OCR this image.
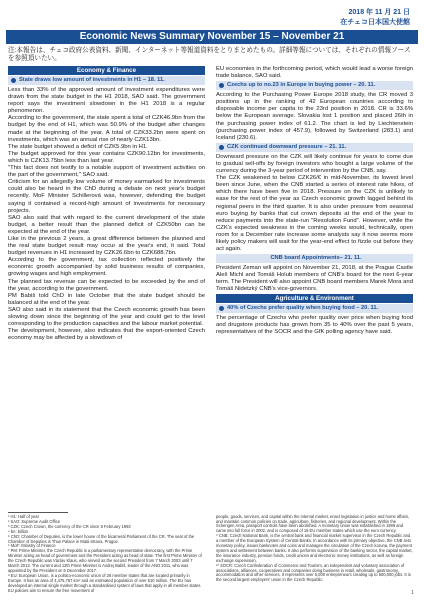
2018 年 11 月 21 日
在チェコ日本国大使館
Economic News Summary November 15 – November 21
注:本報告は、チェコ政府公表資料、新聞、インターネット等報道資料をとりまとめたもの。詳細等報については、それぞれの情報ソースを参照頂いたい。
Economy & Finance
State draws low amount of investments in H1 – 18. 11.

Less than 33% of the approved amount of investment expenditures were drawn from the state budget in the H1 2018, SAO said. The government report says the investment slowdown in the H1 2018 is a regular phenomenon.

According to the government, the state spent a total of CZK46.9bn from the budget by the end of H1, which was 50.9% of the budget after changes made at the beginning of the year. A total of CZK33.2bn were spent on investments, which was an annual rise of nearly CZK13bn.

The state budget showed a deficit of CZK5.9bn in H1.

The budget approved for this year contains CZK90.12bn for investments, which is CZK13.75bn less than last year.

"This fact does not testify to a notable support of investment activities on the part of the government," SAO said.

Criticism for an allegedly low volume of money earmarked for investments could also be heard in the ChD during a debate on next year's budget recently. MoF Minister Schillerová was, however, defending the budget saying it contained a record-high amount of investments for necessary projects.

SAO also said that with regard to the current development of the state budget, a better result than the planned deficit of CZK50bn can be expected at the end of the year.

Like in the previous 2 years, a great difference between the planned and the real state budget result may occur at the year's end, it said. Total budget revenues in H1 increased by CZK26.6bn to CZK688.7bn.

According to the government, tax collection reflected positively the economic growth accompanied by solid business results of companies, growing wages and high employment.

The planned tax revenue can be expected to be exceeded by the end of the year, according to the government.

PM Babiš told ChD in late October that the state budget should be balanced at the end of the year.

SAO also said in its statement that the Czech economic growth has been slowing down since the beginning of the year and could get to the level corresponding to the production capacities and the labour market potential.

The development, however, also indicates that the export-oriented Czech economy may be affected by a slowdown of

EU economies in the forthcoming period, which would lead a worse foreign trade balance, SAO said.

Czechs up to no.23 in Europe in buying power – 20. 11.

According to the Purchasing Power Europe 2018 study, the CR moved 3 positions up in the ranking of 42 European countries according to disposable income per capita to the 23rd position in 2018. CR is 33.6% below the European average. Slovakia lost 1 position and placed 26th in the purchasing power index of 61.2. The chart is led by Liechtenstein (purchasing power index of 457.9), followed by Switzerland (283.1) and Iceland (230.6).

CZK continued downward pressure – 21. 11.

Downward pressure on the CZK will likely continue for years to come due to gradual sell-offs by foreign investors who bought a large volume of the currency during the 3-year period of intervention by the CNB, say.

The CZK weakened to below CZK26/€ in mid-November, its lowest level been since June, when the CNB started a series of interest rate hikes, of which there have been five in 2018. Pressure on the CZK is unlikely to ease for the rest of the year as Czech economic growth lagged behind its regional peers in the third quarter. It is also under pressure from seasonal euro buying by banks that cut crown deposits at the end of the year to reduce payments into the state-run "Resolution Fund". However, while the CZK's expected weakness in the coming weeks would, technically, open room for a December rate increase some analysts say it now seems more likely policy makers will wait for the year-end effect to fizzle out before they act again.

CNB board Appointments– 21. 11.

President Zeman will appoint on November 21, 2018, at the Prague Castle Aleš Michl and Tomáš Holub members of CNB's board for the next 6-year term. The President will also appoint CNB board members Marek Mora and Tomáš Nidetzký CNB's vice-governors.

Agriculture & Environment
40% of Czechs prefer quality when buying food – 20. 11.

The percentage of Czechs who prefer quality over price when buying food and drugstore products has grown from 35 to 40% over the past 5 years, representatives of the SOCR and the GfK polling agency have said.

¹ H1: Half of year
² SAO: Supreme Audit Office
³ CZK: Czech Crown, the currency of the CR since 8 February 1993
⁴ bn: billion
⁵ ChD: Chamber of Deputies, is the lower house of the bicameral Parliament of the CR. The seat of the Chamber of Deputies is Thun Palace in Malá Strana, Prague.
⁶ MoF: Ministry of Finance
⁷ PM: Prime Minister, the Czech Republic is a parliamentary representative democracy, with the Prime Minister acting as head of government and the President acting as head of state. The first Prime Minister of the Czech Republic was Václav Klaus, who served as the second President from 7 March 2003 until 7 March 2013. The current and 12th Prime Minister is Andrej Babiš, leader of the ANO 2011, who was appointed by the President on 6 December 2017.
⁸ EU: European Union, is a politico-economic union of 28 member states that are located primarily in Europe. It has an area of 4,475,757 km² and an estimated population of over 510 million. The EU has developed an internal single market through a standardised system of laws that apply in all member states. EU policies aim to ensure the free movement of
people, goods, services, and capital within the internal market, enact legislation in justice and home affairs, and maintain common policies on trade, agriculture, fisheries, and regional development. Within the Schengen Area, passport controls have been abolished. A monetary union was established in 1999 and came into full force in 2002, and is composed of 19 EU member states which use the euro currency.
⁹ CNB: Czech National Bank, is the central bank and financial market supervisor in the Czech Republic and a member of the European System of Central Banks. In accordance with its primary objective, the CNB sets monetary policy, issues banknotes and coins and manages the circulation of the Czech koruna, the payment system and settlement between banks. It also performs supervision of the banking sector, the capital market, the insurance industry, pension funds, credit unions and electronic money institutions, as well as foreign exchange supervision.
¹⁰ SOCR: Czech Confederation of Commerce and Tourism, an independent and voluntary association of associations, alliances, cooperatives and companies doing business in retail, wholesale, gastronomy, accommodation and other services. It represents over 6,000 entrepreneurs creating up to 500,000 jobs. It is the second largest employers' union in the Czech Republic.
1
